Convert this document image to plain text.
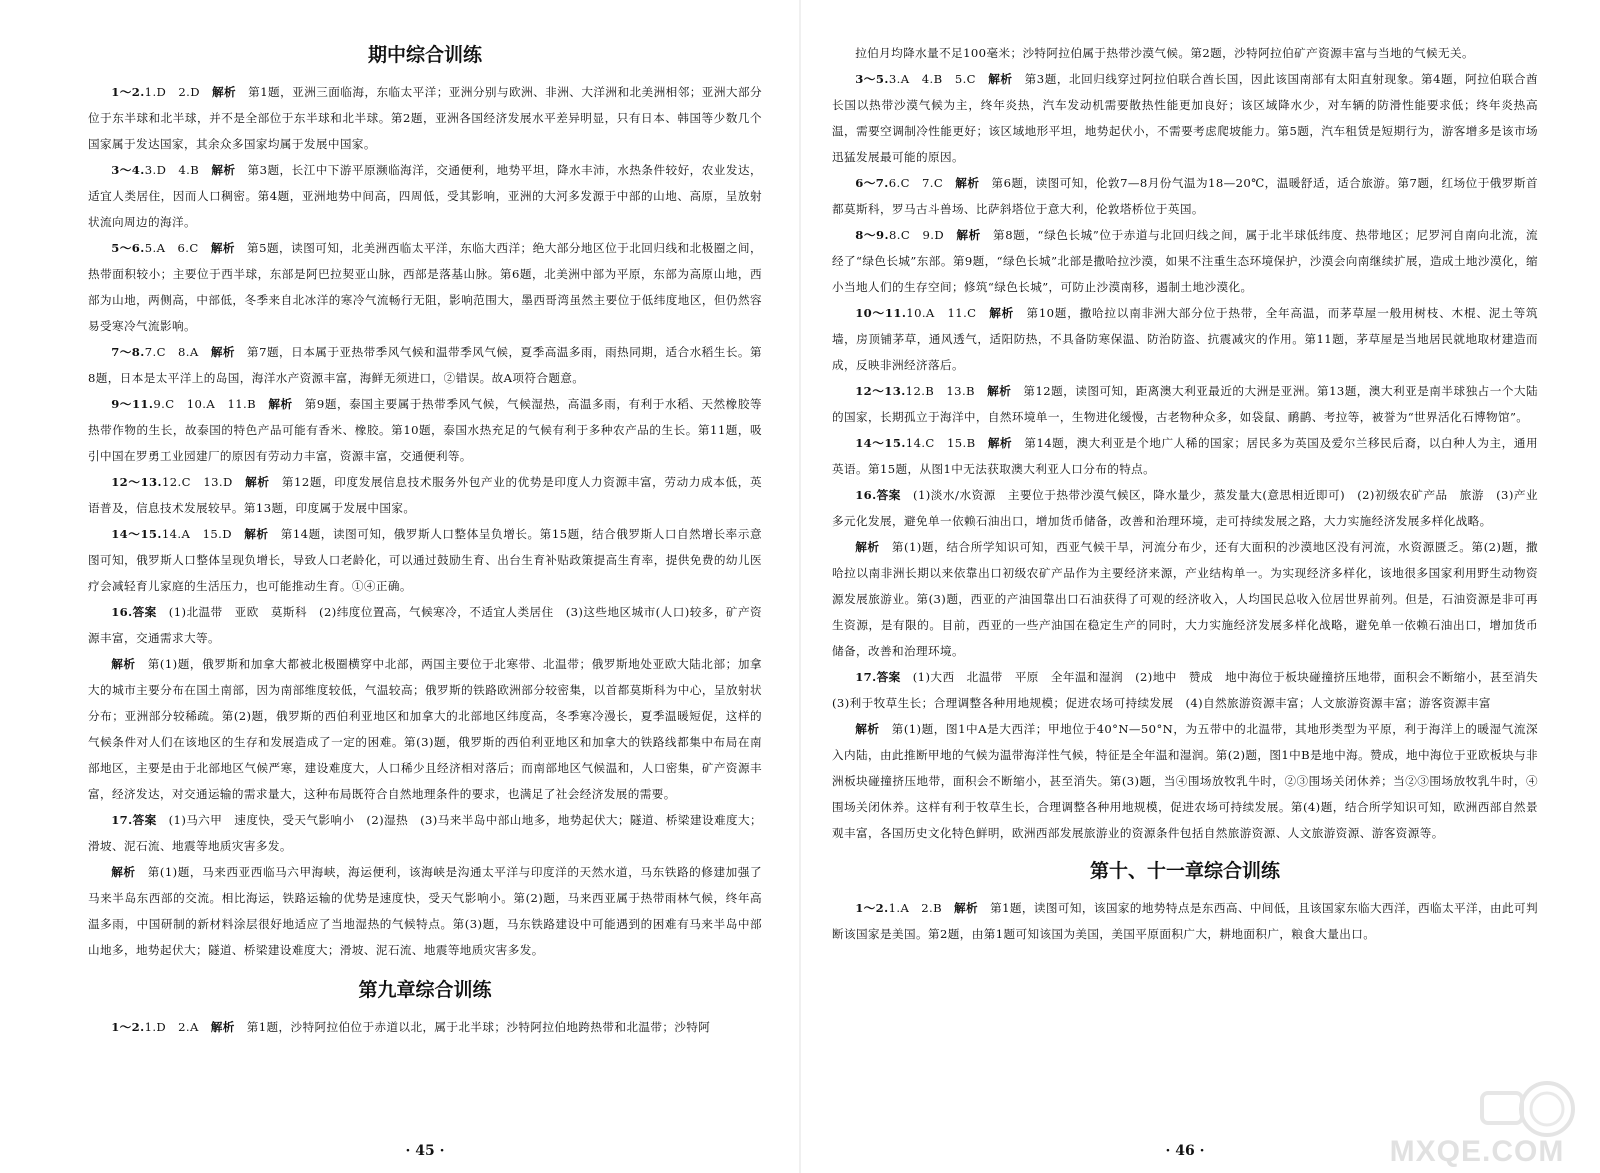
期中综合训练

1～2.1.D　2.D　解析　 第1题，亚洲三面临海，东临太平洋；亚洲分别与欧洲、非洲、大洋洲和北美洲相邻；亚洲大部分位于东半球和北半球，并不是全部位于东半球和北半球。第2题，亚洲各国经济发展水平差异明显，只有日本、韩国等少数几个国家属于发达国家，其余众多国家均属于发展中国家。

3～4.3.D　4.B　解析　 第3题，长江中下游平原濒临海洋，交通便利，地势平坦，降水丰沛，水热条件较好，农业发达，适宜人类居住，因而人口稠密。第4题，亚洲地势中间高，四周低，受其影响，亚洲的大河多发源于中部的山地、高原，呈放射状流向周边的海洋。

5～6.5.A　6.C　解析　 第5题，读图可知，北美洲西临太平洋，东临大西洋；绝大部分地区位于北回归线和北极圈之间，热带面积较小；主要位于西半球，东部是阿巴拉契亚山脉，西部是落基山脉。第6题，北美洲中部为平原，东部为高原山地，西部为山地，两侧高，中部低，冬季来自北冰洋的寒冷气流畅行无阻，影响范围大，墨西哥湾虽然主要位于低纬度地区，但仍然容易受寒冷气流影响。

7～8.7.C　8.A　解析　 第7题，日本属于亚热带季风气候和温带季风气候，夏季高温多雨，雨热同期，适合水稻生长。第8题，日本是太平洋上的岛国，海洋水产资源丰富，海鲜无须进口，②错误。故A项符合题意。

9～11.9.C　10.A　11.B　解析　 第9题，泰国主要属于热带季风气候，气候湿热，高温多雨，有利于水稻、天然橡胶等热带作物的生长，故泰国的特色产品可能有香米、橡胶。第10题，泰国水热充足的气候有利于多种农产品的生长。第11题，吸引中国在罗勇工业园建厂的原因有劳动力丰富，资源丰富，交通便利等。

12～13.12.C　13.D　解析　 第12题，印度发展信息技术服务外包产业的优势是印度人力资源丰富，劳动力成本低，英语普及，信息技术发展较早。第13题，印度属于发展中国家。

14～15.14.A　15.D　解析　 第14题，读图可知，俄罗斯人口整体呈负增长。第15题，结合俄罗斯人口自然增长率示意图可知，俄罗斯人口整体呈现负增长，导致人口老龄化，可以通过鼓励生育、出台生育补贴政策提高生育率，提供免费的幼儿医疗会减轻育儿家庭的生活压力，也可能推动生育。①④正确。

16.答案　 (1)北温带　亚欧　莫斯科　(2)纬度位置高，气候寒冷，不适宜人类居住　(3)这些地区城市(人口)较多，矿产资源丰富，交通需求大等。

解析　 第(1)题，俄罗斯和加拿大都被北极圈横穿中北部，两国主要位于北寒带、北温带；俄罗斯地处亚欧大陆北部；加拿大的城市主要分布在国土南部，因为南部维度较低，气温较高；俄罗斯的铁路欧洲部分较密集，以首都莫斯科为中心，呈放射状分布；亚洲部分较稀疏。第(2)题，俄罗斯的西伯利亚地区和加拿大的北部地区纬度高，冬季寒冷漫长，夏季温暖短促，这样的气候条件对人们在该地区的生存和发展造成了一定的困难。第(3)题，俄罗斯的西伯利亚地区和加拿大的铁路线都集中布局在南部地区，主要是由于北部地区气候严寒，建设难度大，人口稀少且经济相对落后；而南部地区气候温和，人口密集，矿产资源丰富，经济发达，对交通运输的需求量大，这种布局既符合自然地理条件的要求，也满足了社会经济发展的需要。

17.答案　 (1)马六甲　速度快，受天气影响小　(2)湿热　(3)马来半岛中部山地多，地势起伏大；隧道、桥梁建设难度大；滑坡、泥石流、地震等地质灾害多发。

解析　 第(1)题，马来西亚西临马六甲海峡，海运便利，该海峡是沟通太平洋与印度洋的天然水道，马东铁路的修建加强了马来半岛东西部的交流。相比海运，铁路运输的优势是速度快，受天气影响小。第(2)题，马来西亚属于热带雨林气候，终年高温多雨，中国研制的新材料涂层很好地适应了当地湿热的气候特点。第(3)题，马东铁路建设中可能遇到的困难有马来半岛中部山地多，地势起伏大；隧道、桥梁建设难度大；滑坡、泥石流、地震等地质灾害多发。

第九章综合训练

1～2.1.D　2.A　解析　 第1题，沙特阿拉伯位于赤道以北，属于北半球；沙特阿拉伯地跨热带和北温带；沙特阿

· 45 ·

拉伯月均降水量不足100毫米；沙特阿拉伯属于热带沙漠气候。第2题，沙特阿拉伯矿产资源丰富与当地的气候无关。

3～5.3.A　4.B　5.C　解析　 第3题，北回归线穿过阿拉伯联合酋长国，因此该国南部有太阳直射现象。第4题，阿拉伯联合酋长国以热带沙漠气候为主，终年炎热，汽车发动机需要散热性能更加良好；该区域降水少，对车辆的防滑性能要求低；终年炎热高温，需要空调制冷性能更好；该区域地形平坦，地势起伏小，不需要考虑爬坡能力。第5题，汽车租赁是短期行为，游客增多是该市场迅猛发展最可能的原因。

6～7.6.C　7.C　解析　 第6题，读图可知，伦敦7—8月份气温为18—20℃，温暖舒适，适合旅游。第7题，红场位于俄罗斯首都莫斯科，罗马古斗兽场、比萨斜塔位于意大利，伦敦塔桥位于英国。

8～9.8.C　9.D　解析　 第8题，“绿色长城”位于赤道与北回归线之间，属于北半球低纬度、热带地区；尼罗河自南向北流，流经了“绿色长城”东部。第9题，“绿色长城”北部是撒哈拉沙漠，如果不注重生态环境保护，沙漠会向南继续扩展，造成土地沙漠化，缩小当地人们的生存空间；修筑“绿色长城”，可防止沙漠南移，遏制土地沙漠化。

10～11.10.A　11.C　解析　 第10题，撒哈拉以南非洲大部分位于热带，全年高温，而茅草屋一般用树枝、木棍、泥土等筑墙，房顶铺茅草，通风透气，适阳防热，不具备防寒保温、防治防盗、抗震减灾的作用。第11题，茅草屋是当地居民就地取材建造而成，反映非洲经济落后。

12～13.12.B　13.B　解析　 第12题，读图可知，距离澳大利亚最近的大洲是亚洲。第13题，澳大利亚是南半球独占一个大陆的国家，长期孤立于海洋中，自然环境单一，生物进化缓慢，古老物种众多，如袋鼠、鸸鹋、考拉等，被誉为“世界活化石博物馆”。

14～15.14.C　15.B　解析　 第14题，澳大利亚是个地广人稀的国家；居民多为英国及爱尔兰移民后裔，以白种人为主，通用英语。第15题，从图1中无法获取澳大利亚人口分布的特点。

16.答案　 (1)淡水/水资源　主要位于热带沙漠气候区，降水量少，蒸发量大(意思相近即可)　(2)初级农矿产品　旅游　(3)产业多元化发展，避免单一依赖石油出口，增加货币储备，改善和治理环境，走可持续发展之路，大力实施经济发展多样化战略。

解析　 第(1)题，结合所学知识可知，西亚气候干旱，河流分布少，还有大面积的沙漠地区没有河流，水资源匮乏。第(2)题，撒哈拉以南非洲长期以来依靠出口初级农矿产品作为主要经济来源，产业结构单一。为实现经济多样化，该地很多国家利用野生动物资源发展旅游业。第(3)题，西亚的产油国靠出口石油获得了可观的经济收入，人均国民总收入位居世界前列。但是，石油资源是非可再生资源，是有限的。目前，西亚的一些产油国在稳定生产的同时，大力实施经济发展多样化战略，避免单一依赖石油出口，增加货币储备，改善和治理环境。

17.答案　 (1)大西　北温带　平原　全年温和湿润　(2)地中　赞成　地中海位于板块碰撞挤压地带，面积会不断缩小，甚至消失　(3)利于牧草生长；合理调整各种用地规模；促进农场可持续发展　(4)自然旅游资源丰富；人文旅游资源丰富；游客资源丰富

解析　 第(1)题，图1中A是大西洋；甲地位于40°N—50°N，为五带中的北温带，其地形类型为平原，利于海洋上的暖湿气流深入内陆，由此推断甲地的气候为温带海洋性气候，特征是全年温和湿润。第(2)题，图1中B是地中海。赞成，地中海位于亚欧板块与非洲板块碰撞挤压地带，面积会不断缩小，甚至消失。第(3)题，当④围场放牧乳牛时，②③围场关闭休养；当②③围场放牧乳牛时，④围场关闭休养。这样有利于牧草生长，合理调整各种用地规模，促进农场可持续发展。第(4)题，结合所学知识可知，欧洲西部自然景观丰富，各国历史文化特色鲜明，欧洲西部发展旅游业的资源条件包括自然旅游资源、人文旅游资源、游客资源等。

第十、十一章综合训练

1～2.1.A　2.B　解析　 第1题，读图可知，该国家的地势特点是东西高、中间低，且该国家东临大西洋，西临太平洋，由此可判断该国家是美国。第2题，由第1题可知该国为美国，美国平原面积广大，耕地面积广，粮食大量出口。

· 46 ·	MXQE.COM
